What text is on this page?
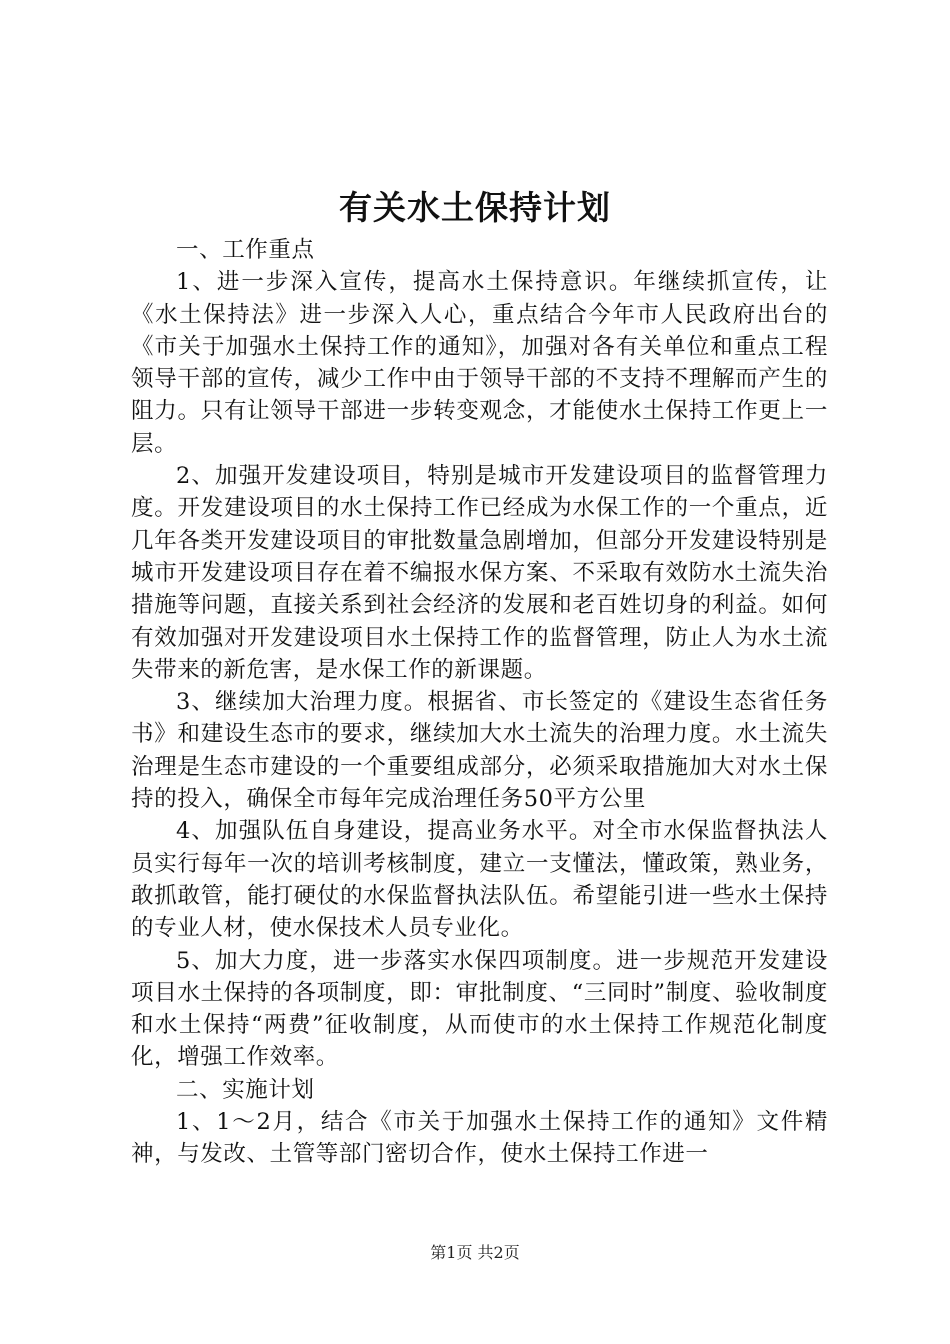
有关水土保持计划

一、工作重点

1、进一步深入宣传，提高水土保持意识。年继续抓宣传，让《水土保持法》进一步深入人心，重点结合今年市人民政府出台的《市关于加强水土保持工作的通知》，加强对各有关单位和重点工程领导干部的宣传，减少工作中由于领导干部的不支持不理解而产生的阻力。只有让领导干部进一步转变观念，才能使水土保持工作更上一层。

2、加强开发建设项目，特别是城市开发建设项目的监督管理力度。开发建设项目的水土保持工作已经成为水保工作的一个重点，近几年各类开发建设项目的审批数量急剧增加，但部分开发建设特别是城市开发建设项目存在着不编报水保方案、不采取有效防水土流失治措施等问题，直接关系到社会经济的发展和老百姓切身的利益。如何有效加强对开发建设项目水土保持工作的监督管理，防止人为水土流失带来的新危害，是水保工作的新课题。

3、继续加大治理力度。根据省、市长签定的《建设生态省任务书》和建设生态市的要求，继续加大水土流失的治理力度。水土流失治理是生态市建设的一个重要组成部分，必须采取措施加大对水土保持的投入，确保全市每年完成治理任务50平方公里

4、加强队伍自身建设，提高业务水平。对全市水保监督执法人员实行每年一次的培训考核制度，建立一支懂法，懂政策，熟业务，敢抓敢管，能打硬仗的水保监督执法队伍。希望能引进一些水土保持的专业人材，使水保技术人员专业化。

5、加大力度，进一步落实水保四项制度。进一步规范开发建设项目水土保持的各项制度，即：审批制度、“三同时”制度、验收制度和水土保持“两费”征收制度，从而使市的水土保持工作规范化制度化，增强工作效率。

二、实施计划

1、1～2月，结合《市关于加强水土保持工作的通知》文件精神，与发改、土管等部门密切合作，使水土保持工作进一

第1页 共2页
